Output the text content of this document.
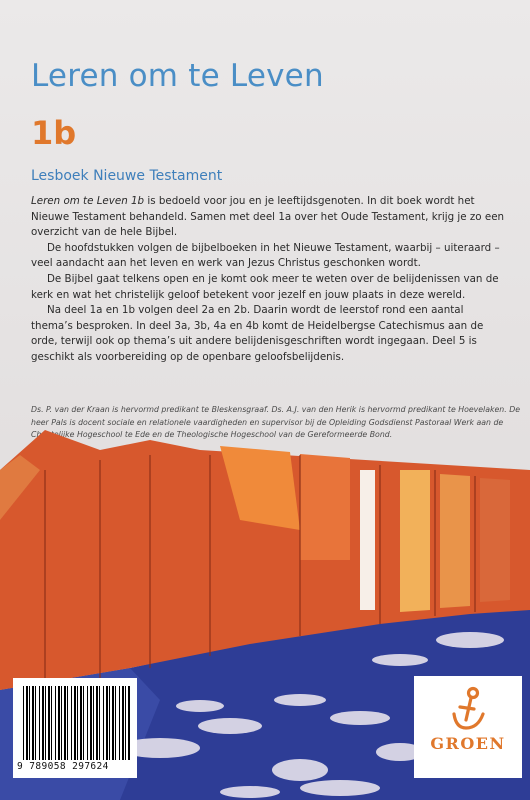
Leren om te Leven
1b
Lesboek Nieuwe Testament

Leren om te Leven 1b is bedoeld voor jou en je leeftijdsgenoten. In dit boek wordt het Nieuwe Testament behandeld. Samen met deel 1a over het Oude Testament, krijg je zo een overzicht van de hele Bijbel.

De hoofdstukken volgen de bijbelboeken in het Nieuwe Testament, waarbij – uiteraard – veel aandacht aan het leven en werk van Jezus Christus geschonken wordt.

De Bijbel gaat telkens open en je komt ook meer te weten over de belijdenissen van de kerk en wat het christelijk geloof betekent voor jezelf en jouw plaats in deze wereld.

Na deel 1a en 1b volgen deel 2a en 2b. Daarin wordt de leerstof rond een aantal thema’s besproken. In deel 3a, 3b, 4a en 4b komt de Heidelbergse Catechismus aan de orde, terwijl ook op thema’s uit andere belijdenisgeschriften wordt ingegaan. Deel 5 is geschikt als voorbereiding op de openbare geloofsbelijdenis.

Ds. P. van der Kraan is hervormd predikant te Bleskensgraaf. Ds. A.J. van den Herik is hervormd predikant te Hoevelaken. De heer Pals is docent sociale en relationele vaardigheden en supervisor bij de Opleiding Godsdienst Pastoraal Werk aan de Christelijke Hogeschool te Ede en de Theologische Hogeschool van de Gereformeerde Bond.
9 789058 297624
GROEN
